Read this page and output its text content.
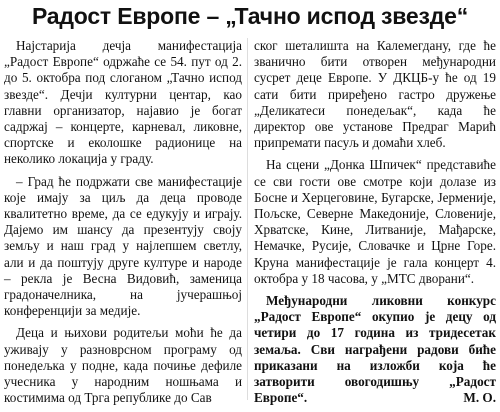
Радост Европе – „Тачно испод звезде“

Најстарија дечја манифестација „Радост Европе“ одржаће се 54. пут од 2. до 5. октобра под слоганом „Тачно испод звезде“. Дечји културни центар, као главни организатор, најавио је богат садржај – концерте, карневал, ликовне, спортске и еколошке радионице на неколико локација у граду.

– Град ће подржати све манифестације које имају за циљ да деца проводе квалитетно време, да се едукују и играју. Дајемо им шансу да презентују своју земљу и наш град у најлепшем светлу, али и да поштују друге културе и народе – рекла је Весна Видовић, заменица градоначелника, на јучерашњој конференцији за медије.

Деца и њихови родитељи моћи ће да уживају у разноврсном програму од понедељка у подне, када почиње дефиле учесника у народним ношњама и костимима од Трга републике до Сав

ског шеталишта на Калемегдану, где ће званично бити отворен међународни сусрет деце Европе. У ДКЦБ-у ће од 19 сати бити приређено гастро дружење „Деликатеси понедељак“, када ће директор ове установе Предраг Марић припремати пасуљ и домаћи хлеб.

На сцени „Донка Шпичек“ представиће се сви гости ове смотре који долазе из Босне и Херцеговине, Бугарске, Јерменије, Пољске, Северне Македоније, Словеније, Хрватске, Кине, Литваније, Мађарске, Немачке, Русије, Словачке и Црне Горе. Круна манифестације је гала концерт 4. октобра у 18 часова, у „МТС дворани“.

Међународни ликовни конкурс „Радост Европе“ окупио је децу од четири до 17 година из тридесетак земаља. Сви награђени радови биће приказани на изложби која ће затворити овогодишњу „Радост Европе“.	М. О.
